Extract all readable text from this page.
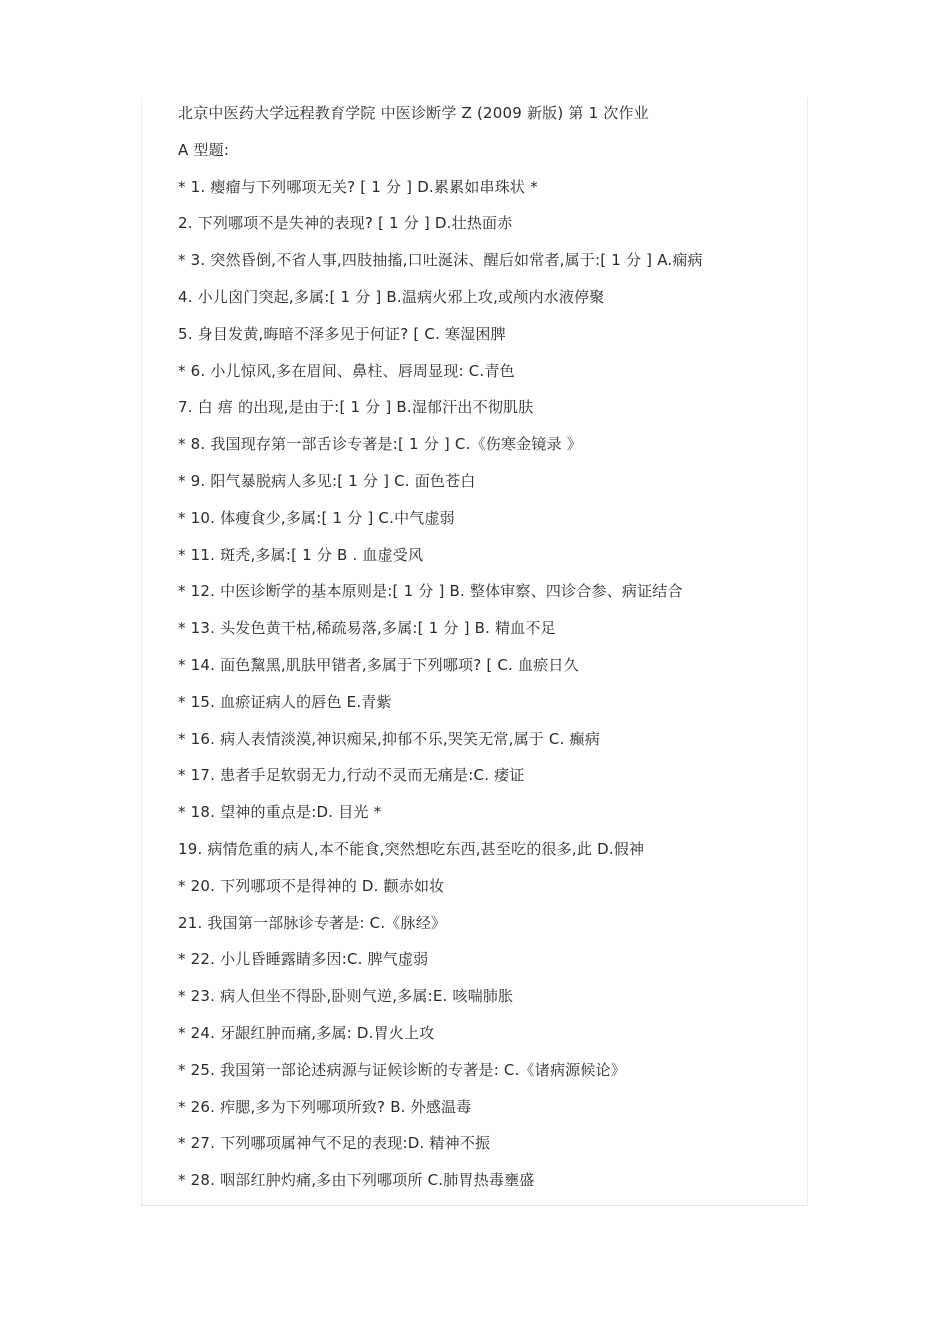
北京中医药大学远程教育学院 中医诊断学 Z (2009 新版) 第 1 次作业
A 型题:
* 1. 瘿瘤与下列哪项无关? [ 1 分 ] D.累累如串珠状 *
2. 下列哪项不是失神的表现? [ 1 分 ] D.壮热面赤
* 3. 突然昏倒,不省人事,四肢抽搐,口吐涎沫、醒后如常者,属于:[ 1 分 ] A.痫病
4. 小儿囟门突起,多属:[ 1 分 ] B.温病火邪上攻,或颅内水液停聚
5. 身目发黄,晦暗不泽多见于何证? [ C. 寒湿困脾
* 6. 小儿惊风,多在眉间、鼻柱、唇周显现: C.青色
7. 白 痦 的出现,是由于:[ 1 分 ] B.湿郁汗出不彻肌肤
* 8. 我国现存第一部舌诊专著是:[ 1 分 ] C.《伤寒金镜录 》
* 9. 阳气暴脱病人多见:[ 1 分 ] C. 面色苍白
* 10. 体瘦食少,多属:[ 1 分 ] C.中气虚弱
* 11. 斑秃,多属:[ 1 分 B . 血虚受风
* 12. 中医诊断学的基本原则是:[ 1 分 ] B. 整体审察、四诊合参、病证结合
* 13. 头发色黄干枯,稀疏易落,多属:[ 1 分 ] B. 精血不足
* 14. 面色黧黑,肌肤甲错者,多属于下列哪项? [ C. 血瘀日久
* 15. 血瘀证病人的唇色 E.青紫
* 16. 病人表情淡漠,神识痴呆,抑郁不乐,哭笑无常,属于 C. 癫病
* 17. 患者手足软弱无力,行动不灵而无痛是:C. 痿证
* 18. 望神的重点是:D. 目光 *
19. 病情危重的病人,本不能食,突然想吃东西,甚至吃的很多,此 D.假神
* 20. 下列哪项不是得神的 D. 颧赤如妆
21. 我国第一部脉诊专著是: C.《脉经》
* 22. 小儿昏睡露睛多因:C. 脾气虚弱
* 23. 病人但坐不得卧,卧则气逆,多属:E. 咳喘肺胀
* 24. 牙龈红肿而痛,多属: D.胃火上攻
* 25. 我国第一部论述病源与证候诊断的专著是: C.《诸病源候论》
* 26. 痄腮,多为下列哪项所致? B. 外感温毒
* 27. 下列哪项属神气不足的表现:D. 精神不振
* 28. 咽部红肿灼痛,多由下列哪项所 C.肺胃热毒壅盛
